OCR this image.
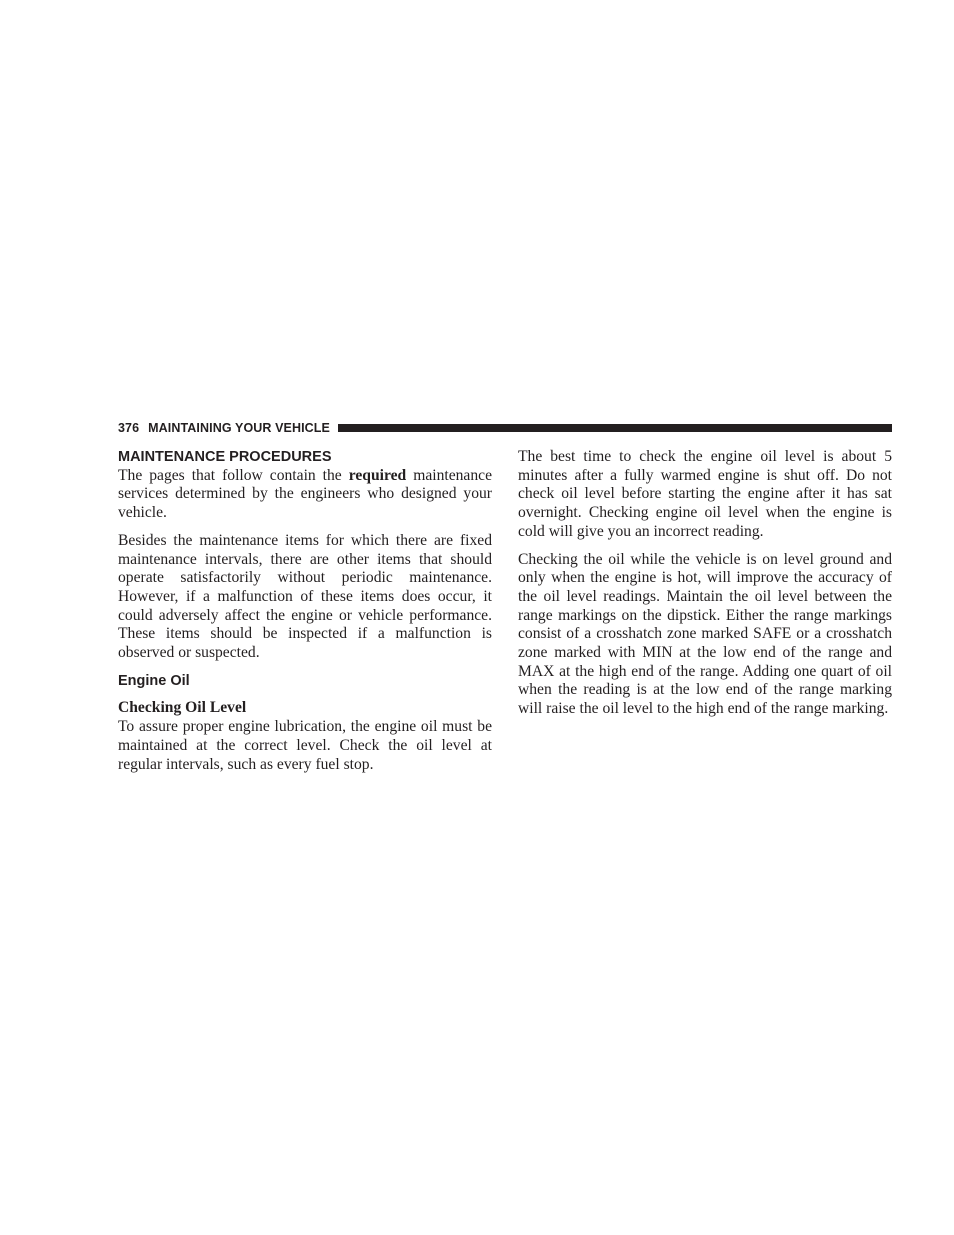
376 MAINTAINING YOUR VEHICLE
MAINTENANCE PROCEDURES

The pages that follow contain the required maintenance services determined by the engineers who designed your vehicle.

Besides the maintenance items for which there are fixed maintenance intervals, there are other items that should operate satisfactorily without periodic maintenance. However, if a malfunction of these items does occur, it could adversely affect the engine or vehicle performance. These items should be inspected if a malfunction is observed or suspected.

Engine Oil
Checking Oil Level

To assure proper engine lubrication, the engine oil must be maintained at the correct level. Check the oil level at regular intervals, such as every fuel stop.

The best time to check the engine oil level is about 5 minutes after a fully warmed engine is shut off. Do not check oil level before starting the engine after it has sat overnight. Checking engine oil level when the engine is cold will give you an incorrect reading.

Checking the oil while the vehicle is on level ground and only when the engine is hot, will improve the accuracy of the oil level readings. Maintain the oil level between the range markings on the dipstick. Either the range markings consist of a crosshatch zone marked SAFE or a crosshatch zone marked with MIN at the low end of the range and MAX at the high end of the range. Adding one quart of oil when the reading is at the low end of the range marking will raise the oil level to the high end of the range marking.
